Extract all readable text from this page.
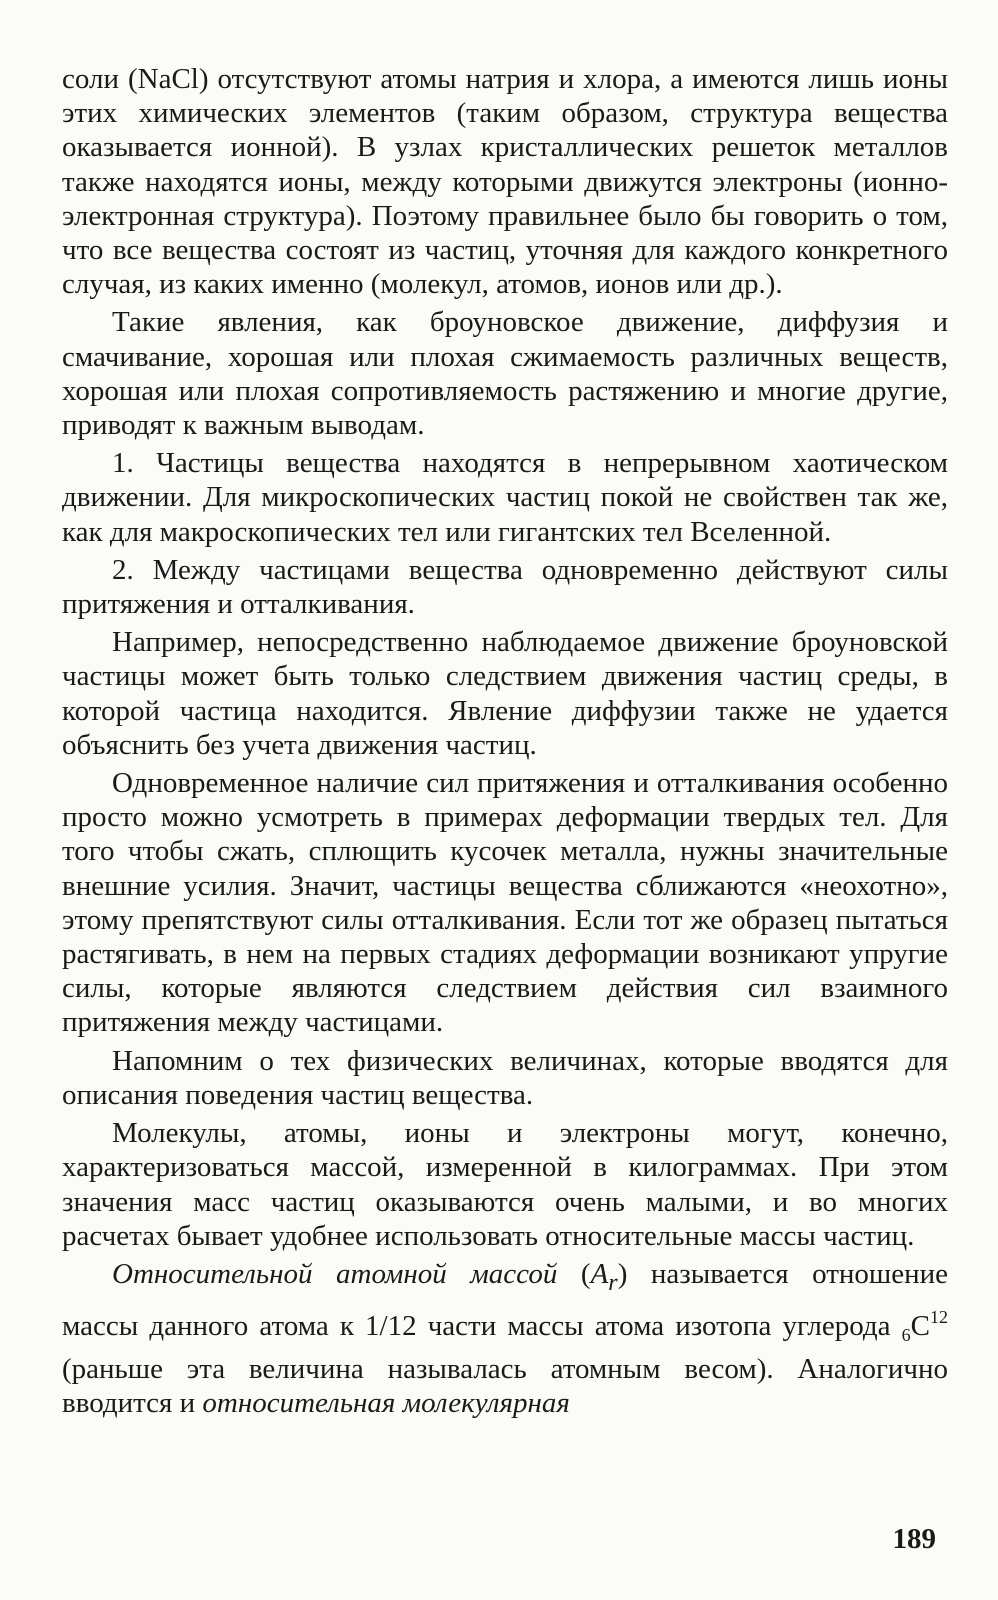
соли (NaCl) отсутствуют атомы натрия и хлора, а имеются лишь ионы этих химических элементов (таким образом, структура вещества оказывается ионной). В узлах кристаллических решеток металлов также находятся ионы, между которыми движутся электроны (ионно-электронная структура). Поэтому правильнее было бы говорить о том, что все вещества состоят из частиц, уточняя для каждого конкретного случая, из каких именно (молекул, атомов, ионов или др.).

Такие явления, как броуновское движение, диффузия и смачивание, хорошая или плохая сжимаемость различных веществ, хорошая или плохая сопротивляемость растяжению и многие другие, приводят к важным выводам.

1. Частицы вещества находятся в непрерывном хаотическом движении. Для микроскопических частиц покой не свойствен так же, как для макроскопических тел или гигантских тел Вселенной.

2. Между частицами вещества одновременно действуют силы притяжения и отталкивания.

Например, непосредственно наблюдаемое движение броуновской частицы может быть только следствием движения частиц среды, в которой частица находится. Явление диффузии также не удается объяснить без учета движения частиц.

Одновременное наличие сил притяжения и отталкивания особенно просто можно усмотреть в примерах деформации твердых тел. Для того чтобы сжать, сплющить кусочек металла, нужны значительные внешние усилия. Значит, частицы вещества сближаются «неохотно», этому препятствуют силы отталкивания. Если тот же образец пытаться растягивать, в нем на первых стадиях деформации возникают упругие силы, которые являются следствием действия сил взаимного притяжения между частицами.

Напомним о тех физических величинах, которые вводятся для описания поведения частиц вещества.

Молекулы, атомы, ионы и электроны могут, конечно, характеризоваться массой, измеренной в килограммах. При этом значения масс частиц оказываются очень малыми, и во многих расчетах бывает удобнее использовать относительные массы частиц.

Относительной атомной массой $(A_r)$ называется отношение массы данного атома к 1/12 части массы атома изотопа углерода $_6C^{12}$ (раньше эта величина называлась атомным весом). Аналогично вводится и относительная молекулярная

189
